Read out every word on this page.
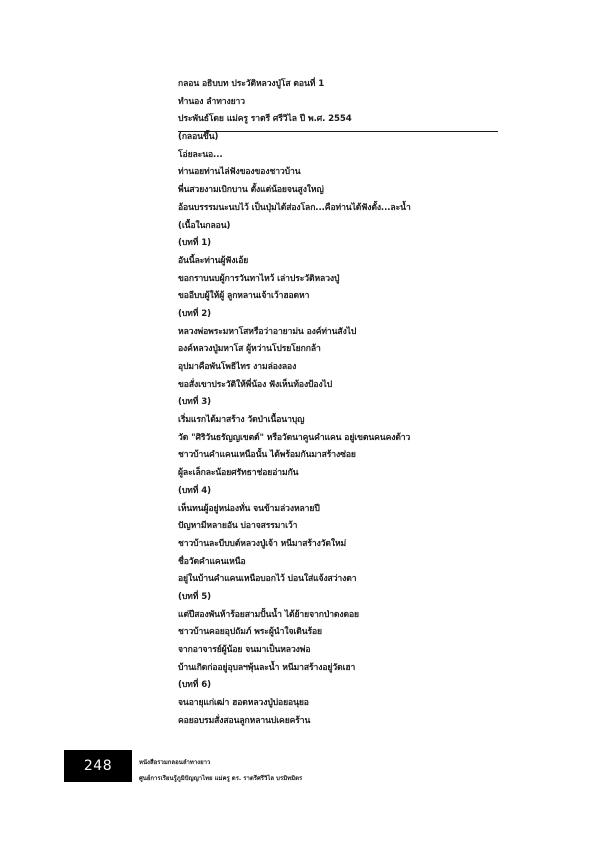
กลอน อธิบบท ประวัติหลวงปู่โส ตอนที่ 1
ทำนอง ลำทางยาว
ประพันธ์โดย แม่ครู ราตรี ศรีวิไล ปี พ.ศ. 2554
(กลอนขึ้น)
โอ่ยละนอ...
ท่านอยท่านไล่ฟังของของชาวบ้าน
พี่นสวยงามเบิกบาน ตั้งแต่น้อยจนสูงใหญ่
อ้อนบรรรมนะนบไว้ เป็นปุ่มได้ส่องโลก...คือท่านได้ฟังตั้ง...ละน้ำ
(เนื้อในกลอน)
(บทที่ 1)
อันนี้ละท่านผู้ฟังเอ้ย
ขอกราบนบผู้การวันทาไหว้ เล่าประวัติหลวงปู่
ขออีบบผู้ให้ผู้ ลูกหลานเจ้าเว้าฮอดหา
(บทที่ 2)
หลวงพ่อพระมหาโสหรือว่าอายาม่น องค์ท่านสังไป
องค์หลวงปู่มหาโส ผู้หว่านโปรยโยกกล้า
อุปมาคือพันโพธิไทร งามล่องลอง
ขอสั่งเขาประวัติให้พี่น้อง ฟังเห็นท้องป้องไป
(บทที่ 3)
เริ่มแรกได้มาสร้าง วัดป่าเนื้อนาบุญ
วัด "ศิริวันธรัญญเขตต์" หรือวัดนาคูนคำแคน อยู่เขตนคนคงด้าว
ชาวบ้านคำแคนเหนือนั้น ได้พร้อมกันมาสร้างซ่อย
ผู้ละเล็กละน้อยศรัทธาช่อยอ่ามกัน
(บทที่ 4)
เห็นทนผู้อยู่หน่องทั่น จนข้ามล่วงหลายปี
ปัญหามีหลายอัน บ่อาจสรรมาเว้า
ชาวบ้านละบีบบต์หลวงปู่เจ้า หนีมาสร้างวัดใหม่
ชื่อวัดคำแคนเหนือ
อยู่ในบ้านคำแคนเหนือบอกไว้ บ่อนใส่แจ้งสว่างตา
(บทที่ 5)
แต่ปีสองพันห้าร้อยสามปั้นน้ำ ได้ย้ายจากป่าดงดอย
ชาวบ้านคอยอุปถัมภ์ พระผู้นำใจเดินร้อย
จากอาจารย์ผู้น้อย จนมาเป็นหลวงพ่อ
บ้านเกิดก่ออยู่อุบลฯพุ้นละน้ำ หนีมาสร้างอยู่วัดเฮา
(บทที่ 6)
จนอายุแก่เฒ่า ฮอดหลวงปู่บ่อยอนุยอ
คอยอบรมสั่งสอนลูกหลานบ่เคยคร้าน
248	หนังสือรวมกลอนลำทางยาว
ศูนย์การเรียนรู้ภูมิปัญญาไทย แม่ครู ดร. ราตรีศรีวิไล บรมิทมิตร
